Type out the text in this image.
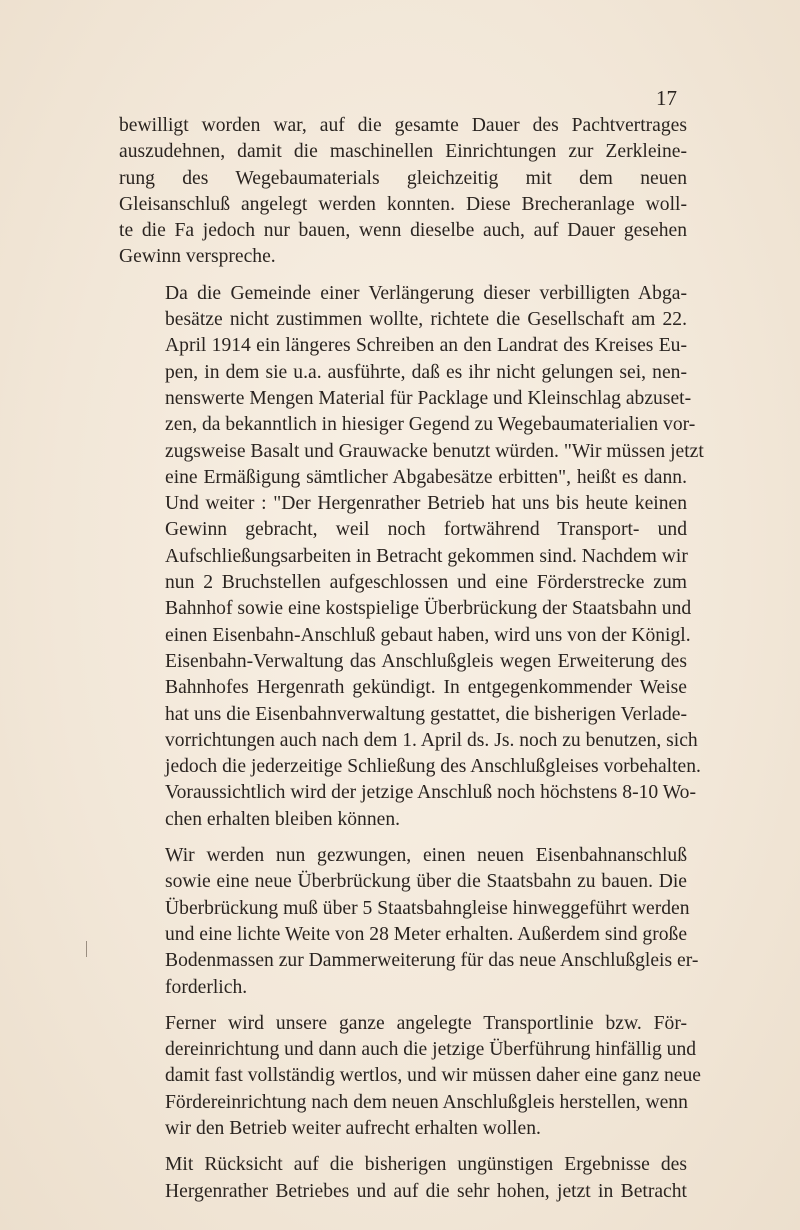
17
bewilligt worden war, auf die gesamte Dauer des Pachtvertrages
auszudehnen, damit die maschinellen Einrichtungen zur Zerkleine-
rung des Wegebaumaterials gleichzeitig mit dem neuen
Gleisanschluß angelegt werden konnten. Diese Brecheranlage woll-
te die Fa jedoch nur bauen, wenn dieselbe auch, auf Dauer gesehen
Gewinn verspreche.
Da die Gemeinde einer Verlängerung dieser verbilligten Abga-
besätze nicht zustimmen wollte, richtete die Gesellschaft am 22.
April 1914 ein längeres Schreiben an den Landrat des Kreises Eu-
pen, in dem sie u.a. ausführte, daß es ihr nicht gelungen sei, nen-
nenswerte Mengen Material für Packlage und Kleinschlag abzuset-
zen, da bekanntlich in hiesiger Gegend zu Wegebaumaterialien vor-
zugsweise Basalt und Grauwacke benutzt würden. "Wir müssen jetzt
eine Ermäßigung sämtlicher Abgabesätze erbitten", heißt es dann.
Und weiter : "Der Hergenrather Betrieb hat uns bis heute keinen
Gewinn gebracht, weil noch fortwährend Transport- und
Aufschließungsarbeiten in Betracht gekommen sind. Nachdem wir
nun 2 Bruchstellen aufgeschlossen und eine Förderstrecke zum
Bahnhof sowie eine kostspielige Überbrückung der Staatsbahn und
einen Eisenbahn-Anschluß gebaut haben, wird uns von der Königl.
Eisenbahn-Verwaltung das Anschlußgleis wegen Erweiterung des
Bahnhofes Hergenrath gekündigt. In entgegenkommender Weise
hat uns die Eisenbahnverwaltung gestattet, die bisherigen Verlade-
vorrichtungen auch nach dem 1. April ds. Js. noch zu benutzen, sich
jedoch die jederzeitige Schließung des Anschlußgleises vorbehalten.
Voraussichtlich wird der jetzige Anschluß noch höchstens 8-10 Wo-
chen erhalten bleiben können.
Wir werden nun gezwungen, einen neuen Eisenbahnanschluß
sowie eine neue Überbrückung über die Staatsbahn zu bauen. Die
Überbrückung muß über 5 Staatsbahngleise hinweggeführt werden
und eine lichte Weite von 28 Meter erhalten. Außerdem sind große
Bodenmassen zur Dammerweiterung für das neue Anschlußgleis er-
forderlich.
Ferner wird unsere ganze angelegte Transportlinie bzw. För-
dereinrichtung und dann auch die jetzige Überführung hinfällig und
damit fast vollständig wertlos, und wir müssen daher eine ganz neue
Fördereinrichtung nach dem neuen Anschlußgleis herstellen, wenn
wir den Betrieb weiter aufrecht erhalten wollen.
Mit Rücksicht auf die bisherigen ungünstigen Ergebnisse des
Hergenrather Betriebes und auf die sehr hohen, jetzt in Betracht
